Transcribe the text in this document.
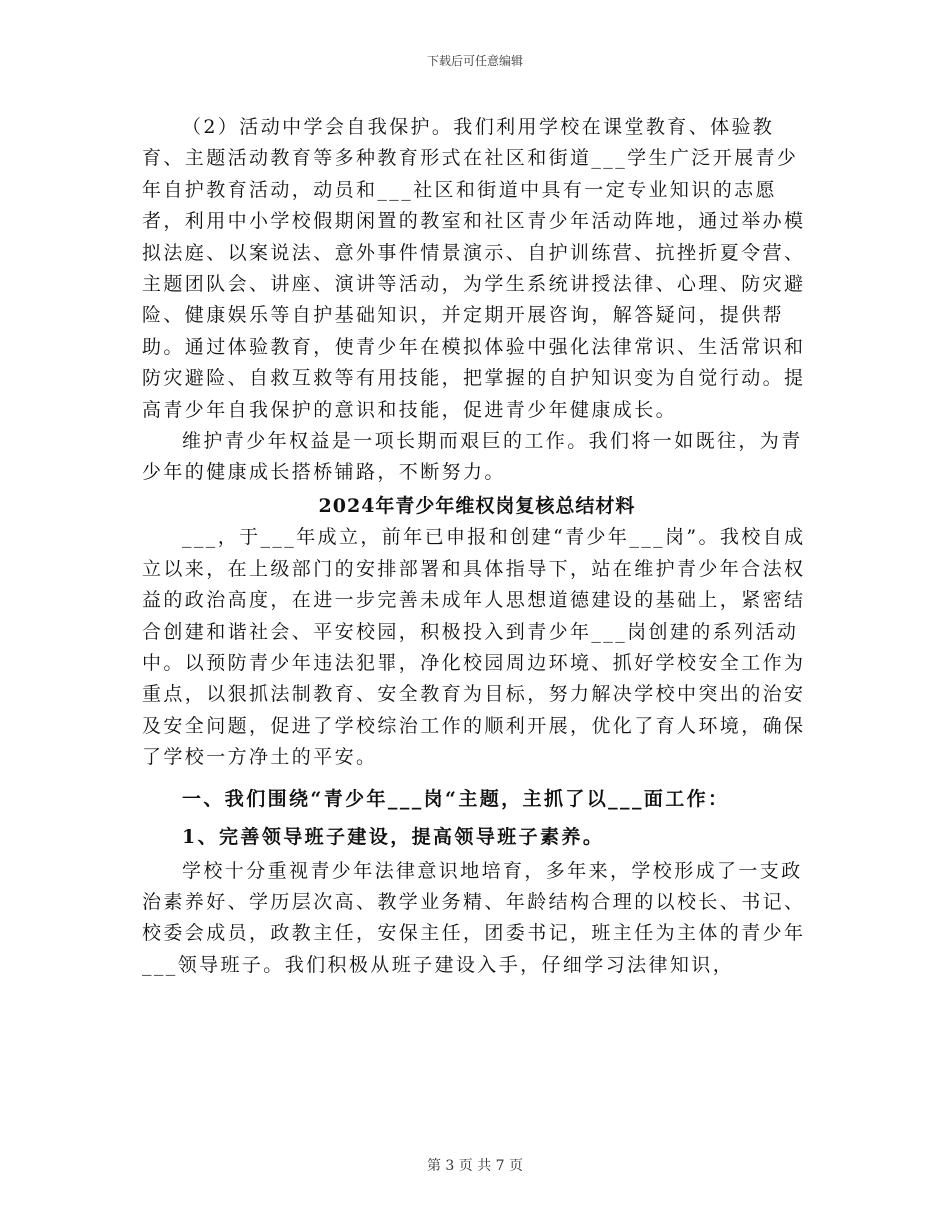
下载后可任意编辑

（2）活动中学会自我保护。我们利用学校在课堂教育、体验教育、主题活动教育等多种教育形式在社区和街道___学生广泛开展青少年自护教育活动，动员和___社区和街道中具有一定专业知识的志愿者，利用中小学校假期闲置的教室和社区青少年活动阵地，通过举办模拟法庭、以案说法、意外事件情景演示、自护训练营、抗挫折夏令营、主题团队会、讲座、演讲等活动，为学生系统讲授法律、心理、防灾避险、健康娱乐等自护基础知识，并定期开展咨询，解答疑问，提供帮助。通过体验教育，使青少年在模拟体验中强化法律常识、生活常识和防灾避险、自救互救等有用技能，把掌握的自护知识变为自觉行动。提高青少年自我保护的意识和技能，促进青少年健康成长。

维护青少年权益是一项长期而艰巨的工作。我们将一如既往，为青少年的健康成长搭桥铺路，不断努力。

2024年青少年维权岗复核总结材料

___，于___年成立，前年已申报和创建“青少年___岗”。我校自成立以来，在上级部门的安排部署和具体指导下，站在维护青少年合法权益的政治高度，在进一步完善未成年人思想道德建设的基础上，紧密结合创建和谐社会、平安校园，积极投入到青少年___岗创建的系列活动中。以预防青少年违法犯罪，净化校园周边环境、抓好学校安全工作为重点，以狠抓法制教育、安全教育为目标，努力解决学校中突出的治安及安全问题，促进了学校综治工作的顺利开展，优化了育人环境，确保了学校一方净土的平安。

一、我们围绕“青少年___岗“主题，主抓了以___面工作：

1、完善领导班子建设，提高领导班子素养。

学校十分重视青少年法律意识地培育，多年来，学校形成了一支政治素养好、学历层次高、教学业务精、年龄结构合理的以校长、书记、校委会成员，政教主任，安保主任，团委书记，班主任为主体的青少年___领导班子。我们积极从班子建设入手，仔细学习法律知识，

第 3 页 共 7 页
